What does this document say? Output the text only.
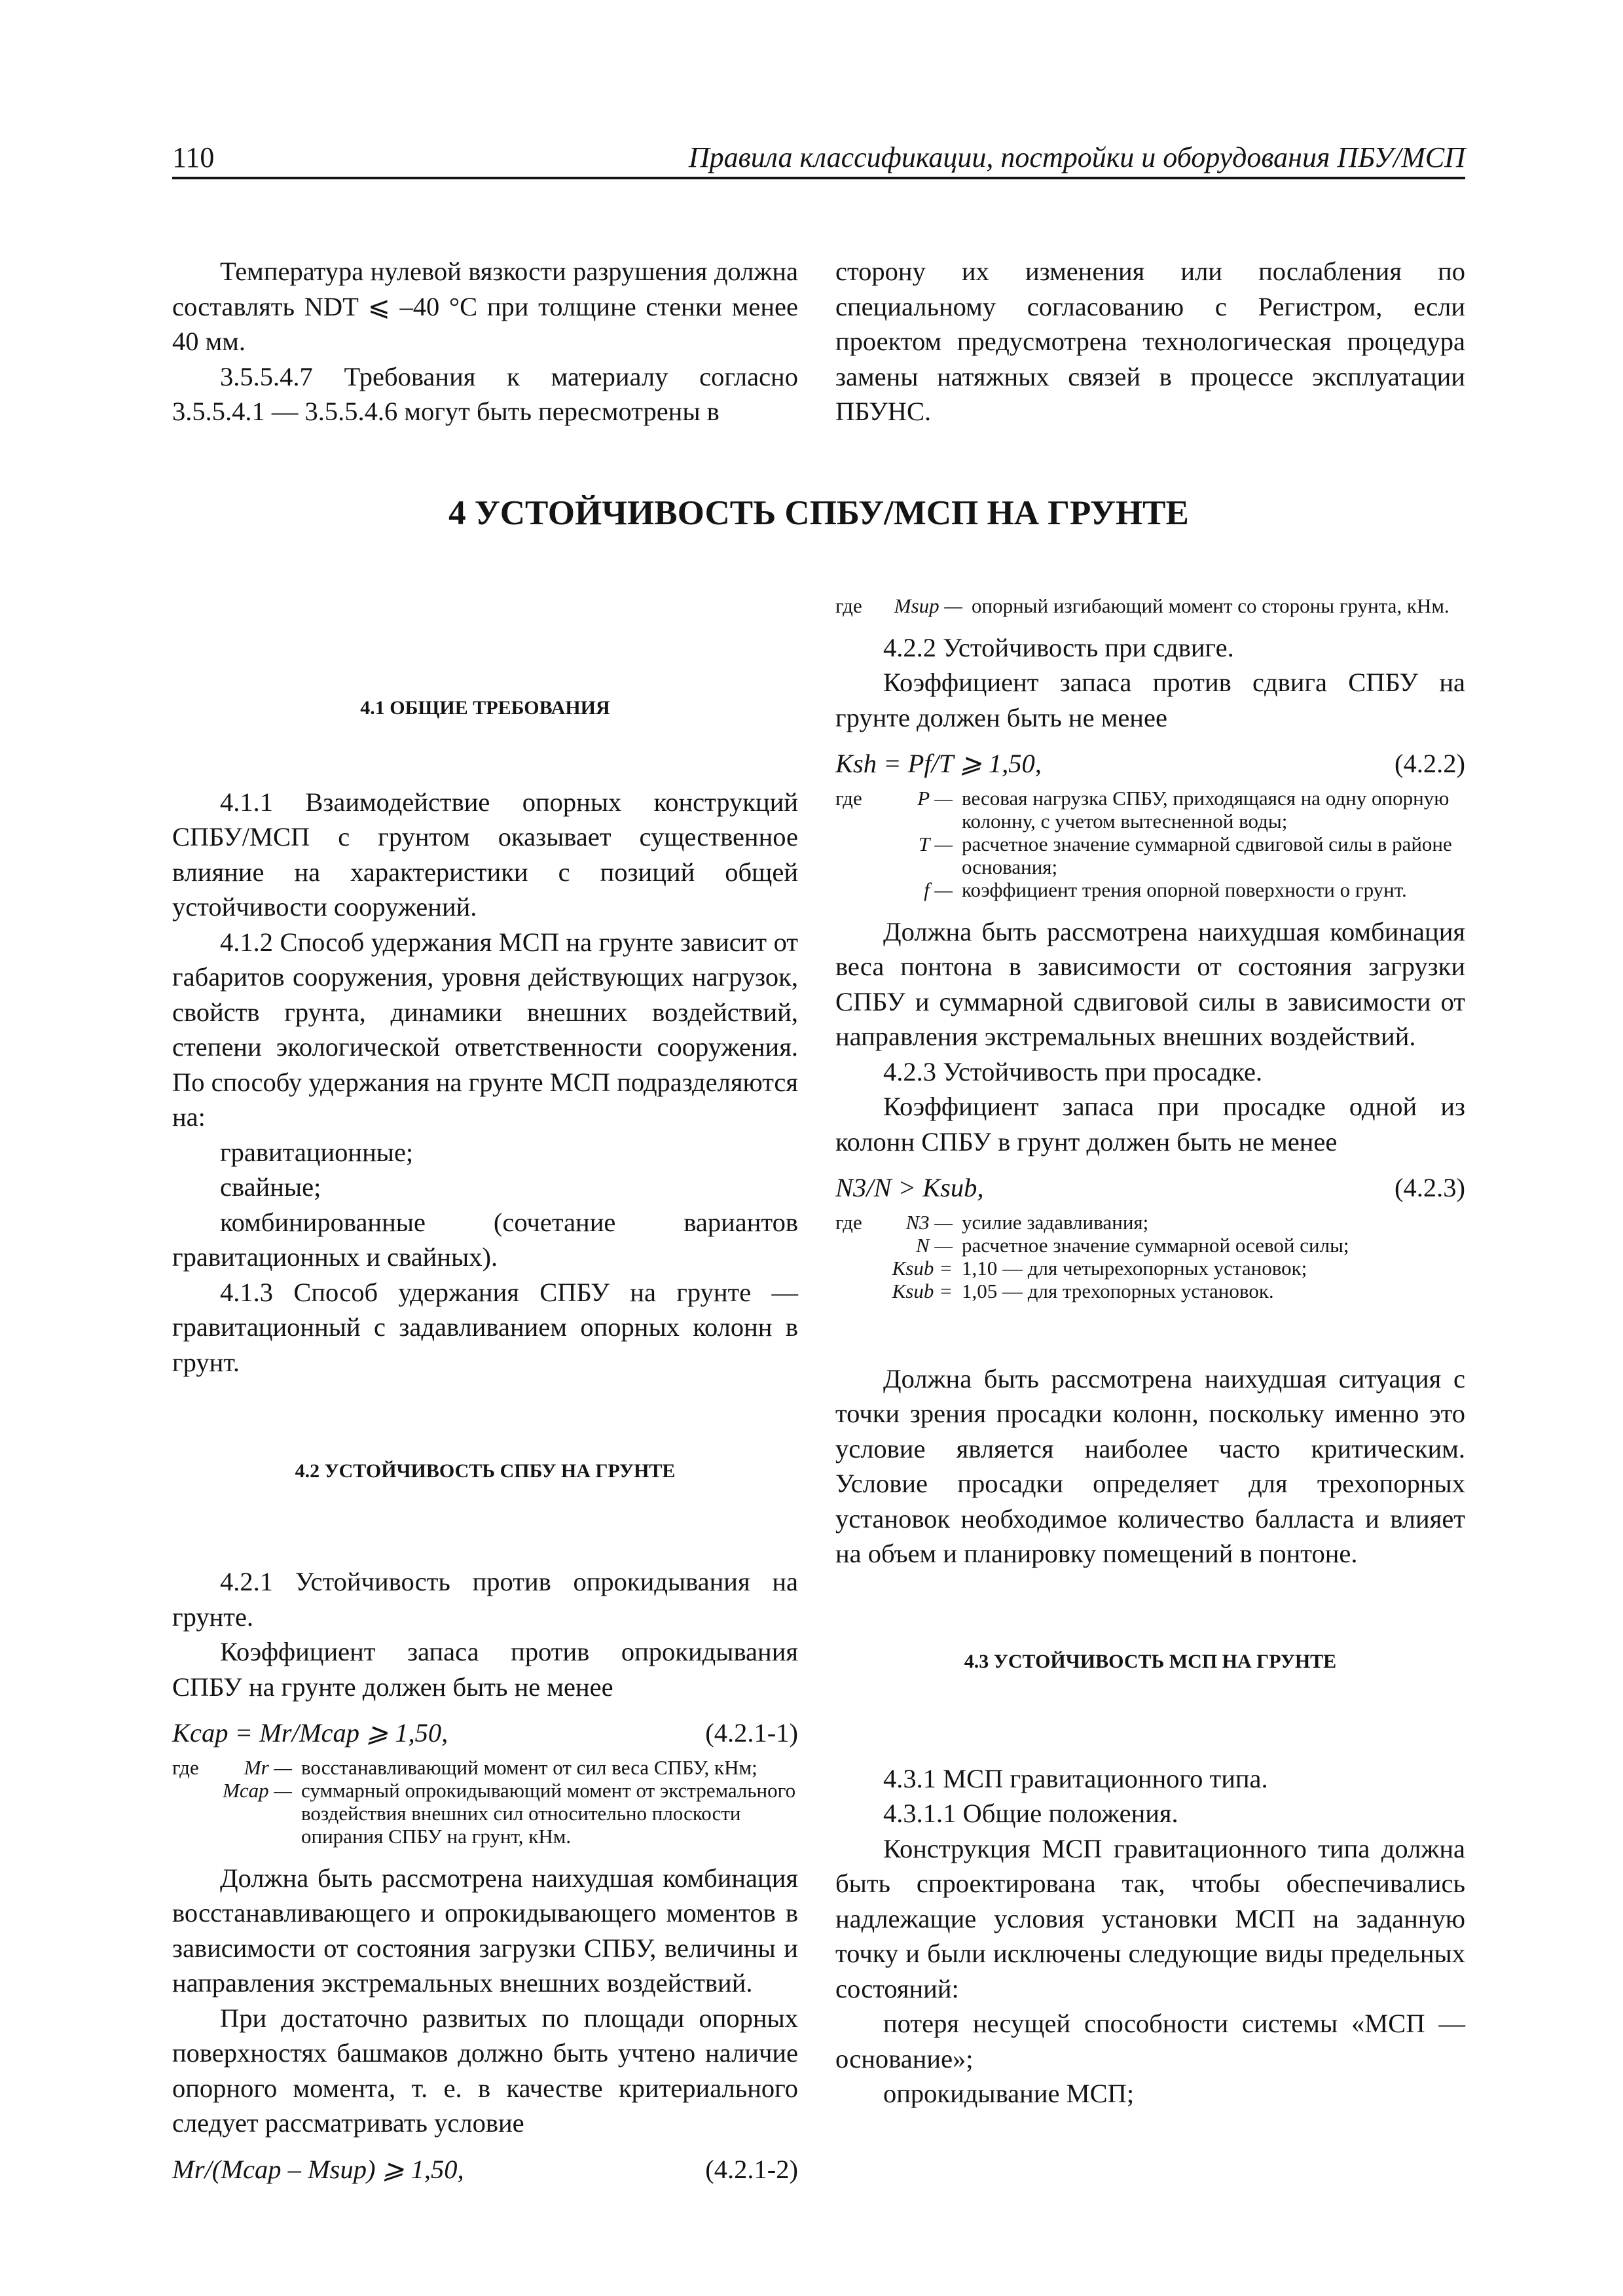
110	Правила классификации, постройки и оборудования ПБУ/МСП
4 УСТОЙЧИВОСТЬ СПБУ/МСП НА ГРУНТЕ

Температура нулевой вязкости разрушения должна составлять NDT ⩽ –40 °С при толщине стенки менее 40 мм.

3.5.5.4.7 Требования к материалу согласно 3.5.5.4.1 — 3.5.5.4.6 могут быть пересмотрены в

4.1 ОБЩИЕ ТРЕБОВАНИЯ

4.1.1 Взаимодействие опорных конструкций СПБУ/МСП с грунтом оказывает существенное влияние на характеристики с позиций общей устойчивости сооружений.

4.1.2 Способ удержания МСП на грунте зависит от габаритов сооружения, уровня действующих нагрузок, свойств грунта, динамики внешних воздействий, степени экологической ответственности сооружения. По способу удержания на грунте МСП подразделяются на:

гравитационные;

свайные;

комбинированные (сочетание вариантов гравитационных и свайных).

4.1.3 Способ удержания СПБУ на грунте — гравитационный с задавливанием опорных колонн в грунт.

4.2 УСТОЙЧИВОСТЬ СПБУ НА ГРУНТЕ

4.2.1 Устойчивость против опрокидывания на грунте.

Коэффициент запаса против опрокидывания СПБУ на грунте должен быть не менее

Kcap = Mr/Mcap ⩾ 1,50,	(4.2.1-1)
где	Mr —	восстанавливающий момент от сил веса СПБУ, кНм;
	Mcap —	суммарный опрокидывающий момент от экстремального воздействия внешних сил относительно плоскости опирания СПБУ на грунт, кНм.

Должна быть рассмотрена наихудшая комбинация восстанавливающего и опрокидывающего моментов в зависимости от состояния загрузки СПБУ, величины и направления экстремальных внешних воздействий.

При достаточно развитых по площади опорных поверхностях башмаков должно быть учтено наличие опорного момента, т. е. в качестве критериального следует рассматривать условие

Mr/(Mcap – Msup) ⩾ 1,50,	(4.2.1-2)

сторону их изменения или послабления по специальному согласованию с Регистром, если проектом предусмотрена технологическая процедура замены натяжных связей в процессе эксплуатации ПБУНС.

где	Msup —	опорный изгибающий момент со стороны грунта, кНм.

4.2.2 Устойчивость при сдвиге.

Коэффициент запаса против сдвига СПБУ на грунте должен быть не менее

Ksh = Pf/T ⩾ 1,50,	(4.2.2)
где	P —	весовая нагрузка СПБУ, приходящаяся на одну опорную колонну, с учетом вытесненной воды;
	T —	расчетное значение суммарной сдвиговой силы в районе основания;
	f —	коэффициент трения опорной поверхности о грунт.

Должна быть рассмотрена наихудшая комбинация веса понтона в зависимости от состояния загрузки СПБУ и суммарной сдвиговой силы в зависимости от направления экстремальных внешних воздействий.

4.2.3 Устойчивость при просадке.

Коэффициент запаса при просадке одной из колонн СПБУ в грунт должен быть не менее

N3/N > Ksub,	(4.2.3)
где	N3 —	усилие задавливания;
	N —	расчетное значение суммарной осевой силы;
	Ksub =	1,10 — для четырехопорных установок;
	Ksub =	1,05 — для трехопорных установок.

Должна быть рассмотрена наихудшая ситуация с точки зрения просадки колонн, поскольку именно это условие является наиболее часто критическим. Условие просадки определяет для трехопорных установок необходимое количество балласта и влияет на объем и планировку помещений в понтоне.

4.3 УСТОЙЧИВОСТЬ МСП НА ГРУНТЕ

4.3.1 МСП гравитационного типа.

4.3.1.1 Общие положения.

Конструкция МСП гравитационного типа должна быть спроектирована так, чтобы обеспечивались надлежащие условия установки МСП на заданную точку и были исключены следующие виды предельных состояний:

потеря несущей способности системы «МСП — основание»;

опрокидывание МСП;
